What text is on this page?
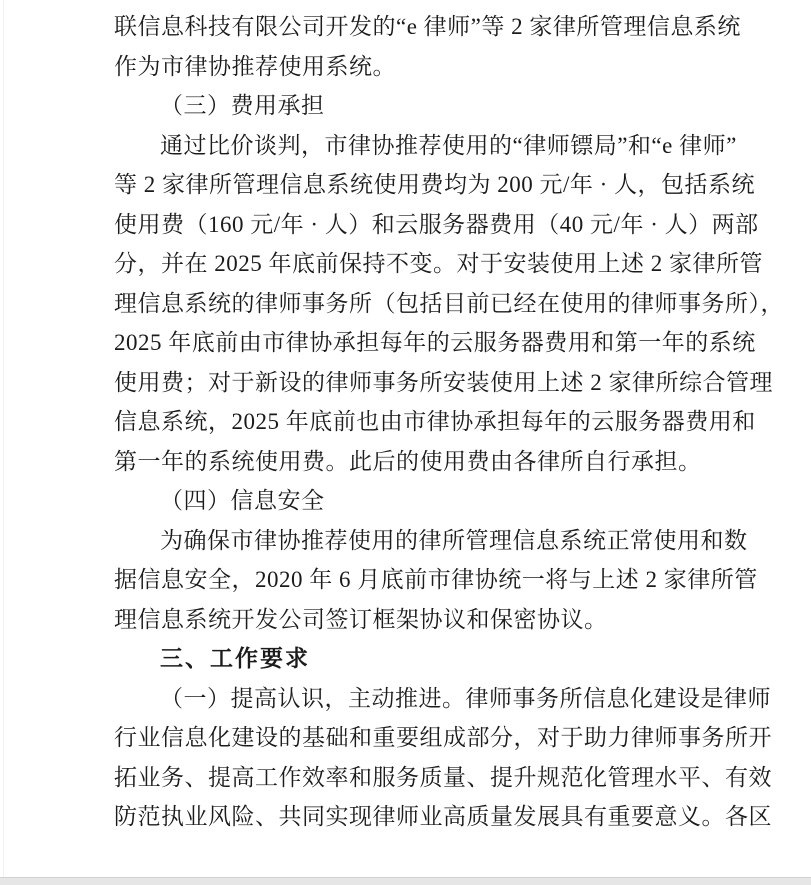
联信息科技有限公司开发的“e 律师”等 2 家律所管理信息系统
作为市律协推荐使用系统。
（三）费用承担
通过比价谈判，市律协推荐使用的“律师镖局”和“e 律师”
等 2 家律所管理信息系统使用费均为 200 元/年 · 人，包括系统
使用费（160 元/年 · 人）和云服务器费用（40 元/年 · 人）两部
分，并在 2025 年底前保持不变。对于安装使用上述 2 家律所管
理信息系统的律师事务所（包括目前已经在使用的律师事务所），
2025 年底前由市律协承担每年的云服务器费用和第一年的系统
使用费；对于新设的律师事务所安装使用上述 2 家律所综合管理
信息系统，2025 年底前也由市律协承担每年的云服务器费用和
第一年的系统使用费。此后的使用费由各律所自行承担。
（四）信息安全
为确保市律协推荐使用的律所管理信息系统正常使用和数
据信息安全，2020 年 6 月底前市律协统一将与上述 2 家律所管
理信息系统开发公司签订框架协议和保密协议。
三、工作要求
（一）提高认识，主动推进。律师事务所信息化建设是律师
行业信息化建设的基础和重要组成部分，对于助力律师事务所开
拓业务、提高工作效率和服务质量、提升规范化管理水平、有效
防范执业风险、共同实现律师业高质量发展具有重要意义。各区
